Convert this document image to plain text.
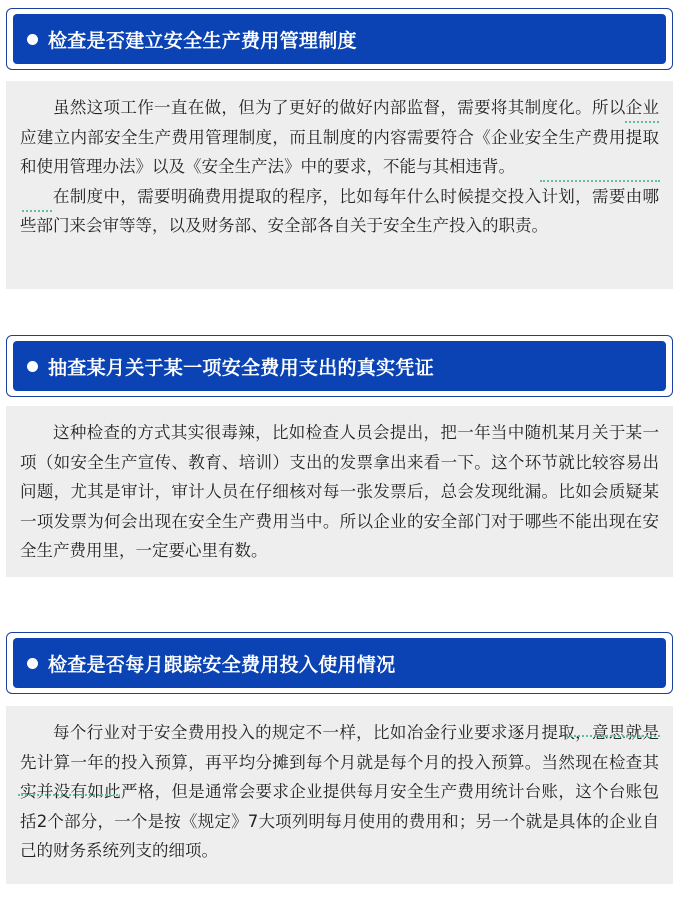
检查是否建立安全生产费用管理制度

虽然这项工作一直在做，但为了更好的做好内部监督，需要将其制度化。所以企业应建立内部安全生产费用管理制度，而且制度的内容需要符合《企业安全生产费用提取和使用管理办法》以及《安全生产法》中的要求，不能与其相违背。

在制度中，需要明确费用提取的程序，比如每年什么时候提交投入计划，需要由哪些部门来会审等等，以及财务部、安全部各自关于安全生产投入的职责。

抽查某月关于某一项安全费用支出的真实凭证

这种检查的方式其实很毒辣，比如检查人员会提出，把一年当中随机某月关于某一项（如安全生产宣传、教育、培训）支出的发票拿出来看一下。这个环节就比较容易出问题，尤其是审计，审计人员在仔细核对每一张发票后，总会发现纰漏。比如会质疑某一项发票为何会出现在安全生产费用当中。所以企业的安全部门对于哪些不能出现在安全生产费用里，一定要心里有数。

检查是否每月跟踪安全费用投入使用情况

每个行业对于安全费用投入的规定不一样，比如冶金行业要求逐月提取，意思就是先计算一年的投入预算，再平均分摊到每个月就是每个月的投入预算。当然现在检查其实并没有如此严格，但是通常会要求企业提供每月安全生产费用统计台账，这个台账包括2个部分，一个是按《规定》7大项列明每月使用的费用和；另一个就是具体的企业自己的财务系统列支的细项。
